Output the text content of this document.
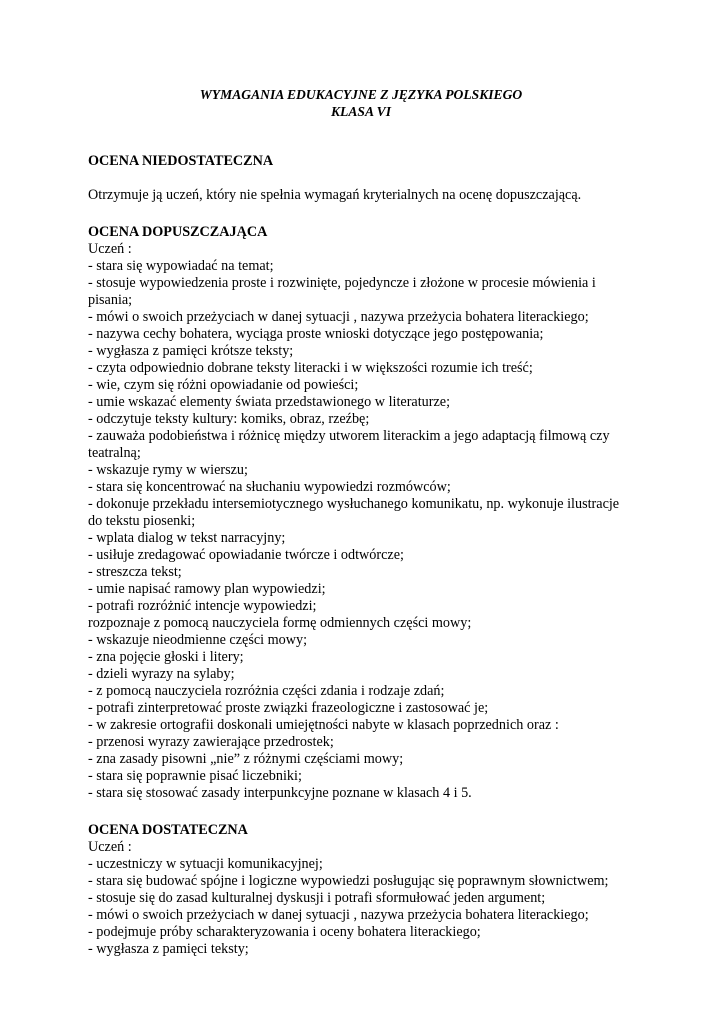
WYMAGANIA EDUKACYJNE Z JĘZYKA POLSKIEGO

KLASA VI

OCENA NIEDOSTATECZNA

Otrzymuje ją uczeń, który nie spełnia wymagań kryterialnych na ocenę dopuszczającą.

OCENA DOPUSZCZAJĄCA

Uczeń :

- stara się wypowiadać na temat;
- stosuje wypowiedzenia proste i rozwinięte, pojedyncze i złożone w procesie mówienia i pisania;
- mówi o swoich przeżyciach w danej sytuacji , nazywa przeżycia bohatera literackiego;
- nazywa cechy bohatera, wyciąga proste wnioski dotyczące jego postępowania;
- wygłasza z pamięci krótsze teksty;
- czyta odpowiednio dobrane teksty literacki i w większości rozumie ich treść;
- wie, czym się różni opowiadanie od powieści;
- umie wskazać elementy świata przedstawionego w literaturze;
- odczytuje teksty kultury: komiks, obraz, rzeźbę;
- zauważa podobieństwa i różnicę między utworem literackim a jego adaptacją filmową czy teatralną;
- wskazuje rymy w wierszu;
- stara się koncentrować na słuchaniu wypowiedzi rozmówców;
- dokonuje przekładu intersemiotycznego wysłuchanego komunikatu, np. wykonuje ilustracje do tekstu piosenki;
- wplata dialog w tekst narracyjny;
- usiłuje zredagować opowiadanie twórcze i odtwórcze;
- streszcza tekst;
- umie napisać ramowy plan wypowiedzi;
- potrafi rozróżnić intencje wypowiedzi;
rozpoznaje z pomocą nauczyciela formę odmiennych części mowy;
- wskazuje nieodmienne części mowy;
- zna pojęcie głoski i litery;
- dzieli wyrazy na sylaby;
- z pomocą nauczyciela rozróżnia części zdania i rodzaje zdań;
- potrafi zinterpretować proste związki frazeologiczne i zastosować je;
- w zakresie ortografii doskonali umiejętności nabyte w klasach poprzednich oraz :
- przenosi wyrazy zawierające przedrostek;
- zna zasady pisowni „nie” z różnymi częściami mowy;
- stara się poprawnie pisać liczebniki;
- stara się stosować zasady interpunkcyjne poznane w klasach 4 i 5.

OCENA DOSTATECZNA

Uczeń :

- uczestniczy w sytuacji komunikacyjnej;
- stara się budować spójne i logiczne wypowiedzi posługując się poprawnym słownictwem;
- stosuje się do zasad kulturalnej dyskusji i potrafi sformułować jeden argument;
- mówi o swoich przeżyciach w danej sytuacji , nazywa przeżycia bohatera literackiego;
- podejmuje próby scharakteryzowania i oceny bohatera literackiego;
- wygłasza z pamięci teksty;
